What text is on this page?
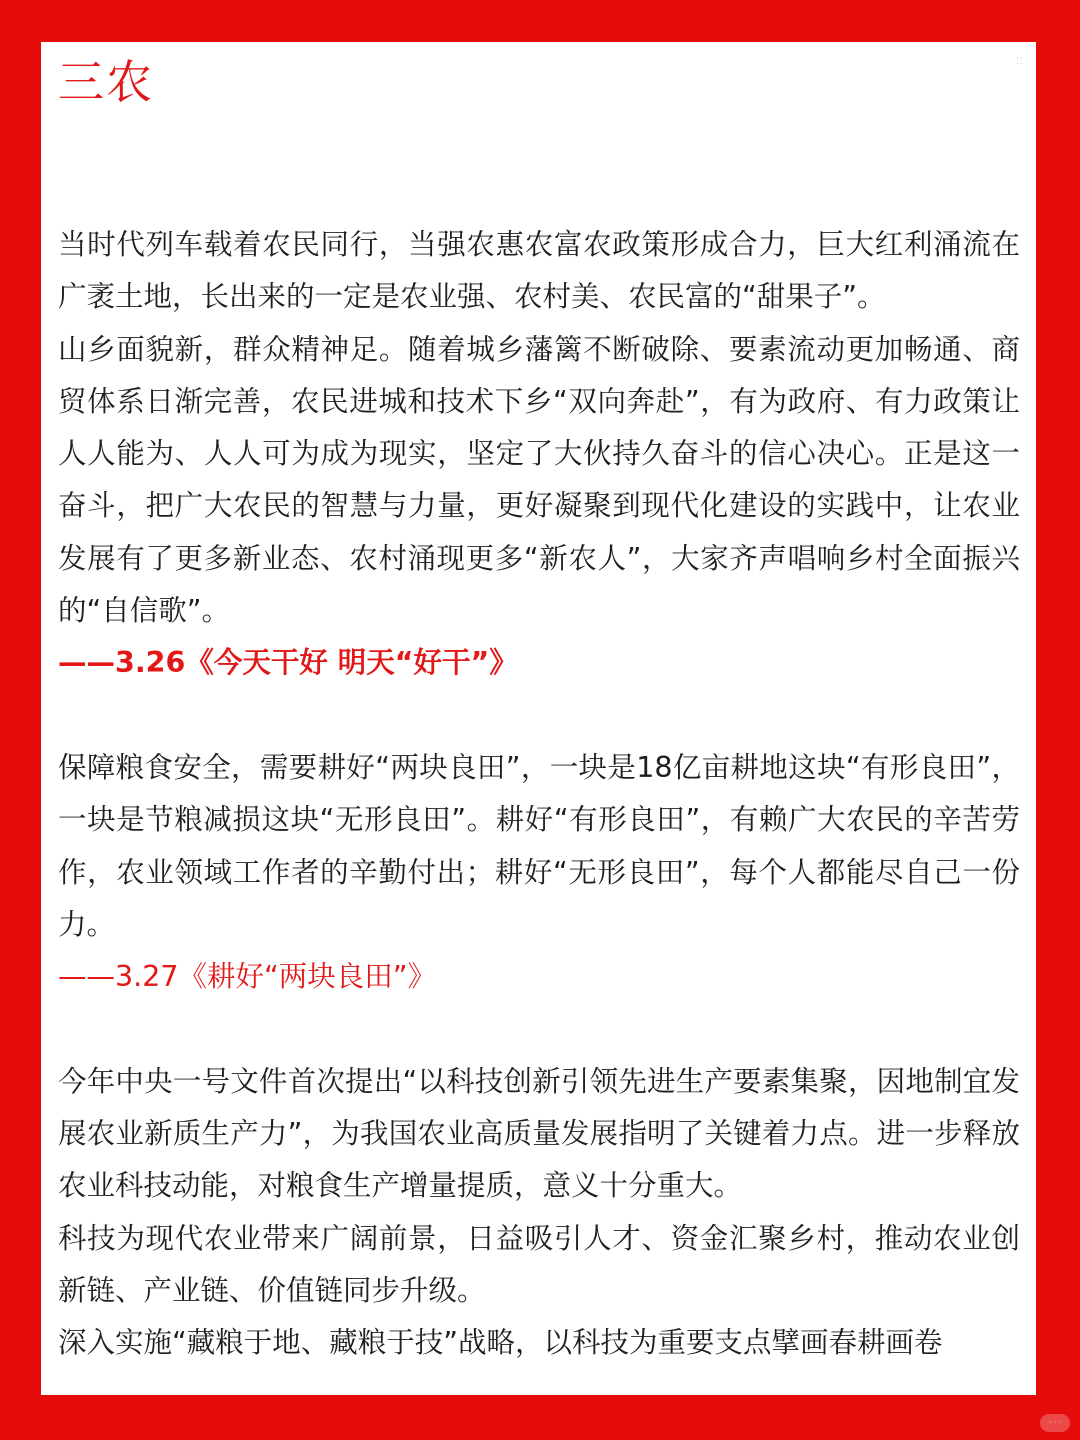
⁚⁚
三农

当时代列车载着农民同行，当强农惠农富农政策形成合力，巨大红利涌流在广袤土地，长出来的一定是农业强、农村美、农民富的“甜果子”。

山乡面貌新，群众精神足。随着城乡藩篱不断破除、要素流动更加畅通、商贸体系日渐完善，农民进城和技术下乡“双向奔赴”，有为政府、有力政策让人人能为、人人可为成为现实，坚定了大伙持久奋斗的信心决心。正是这一奋斗，把广大农民的智慧与力量，更好凝聚到现代化建设的实践中，让农业发展有了更多新业态、农村涌现更多“新农人”，大家齐声唱响乡村全面振兴的“自信歌”。

——3.26《今天干好 明天“好干”》

保障粮食安全，需要耕好“两块良田”，一块是18亿亩耕地这块“有形良田”，一块是节粮减损这块“无形良田”。耕好“有形良田”，有赖广大农民的辛苦劳作，农业领域工作者的辛勤付出；耕好“无形良田”，每个人都能尽自己一份力。

——3.27《耕好“两块良田”》

今年中央一号文件首次提出“以科技创新引领先进生产要素集聚，因地制宜发展农业新质生产力”，为我国农业高质量发展指明了关键着力点。进一步释放农业科技动能，对粮食生产增量提质，意义十分重大。

科技为现代农业带来广阔前景，日益吸引人才、资金汇聚乡村，推动农业创新链、产业链、价值链同步升级。

深入实施“藏粮于地、藏粮于技”战略，以科技为重要支点擘画春耕画卷

◦◦◦
